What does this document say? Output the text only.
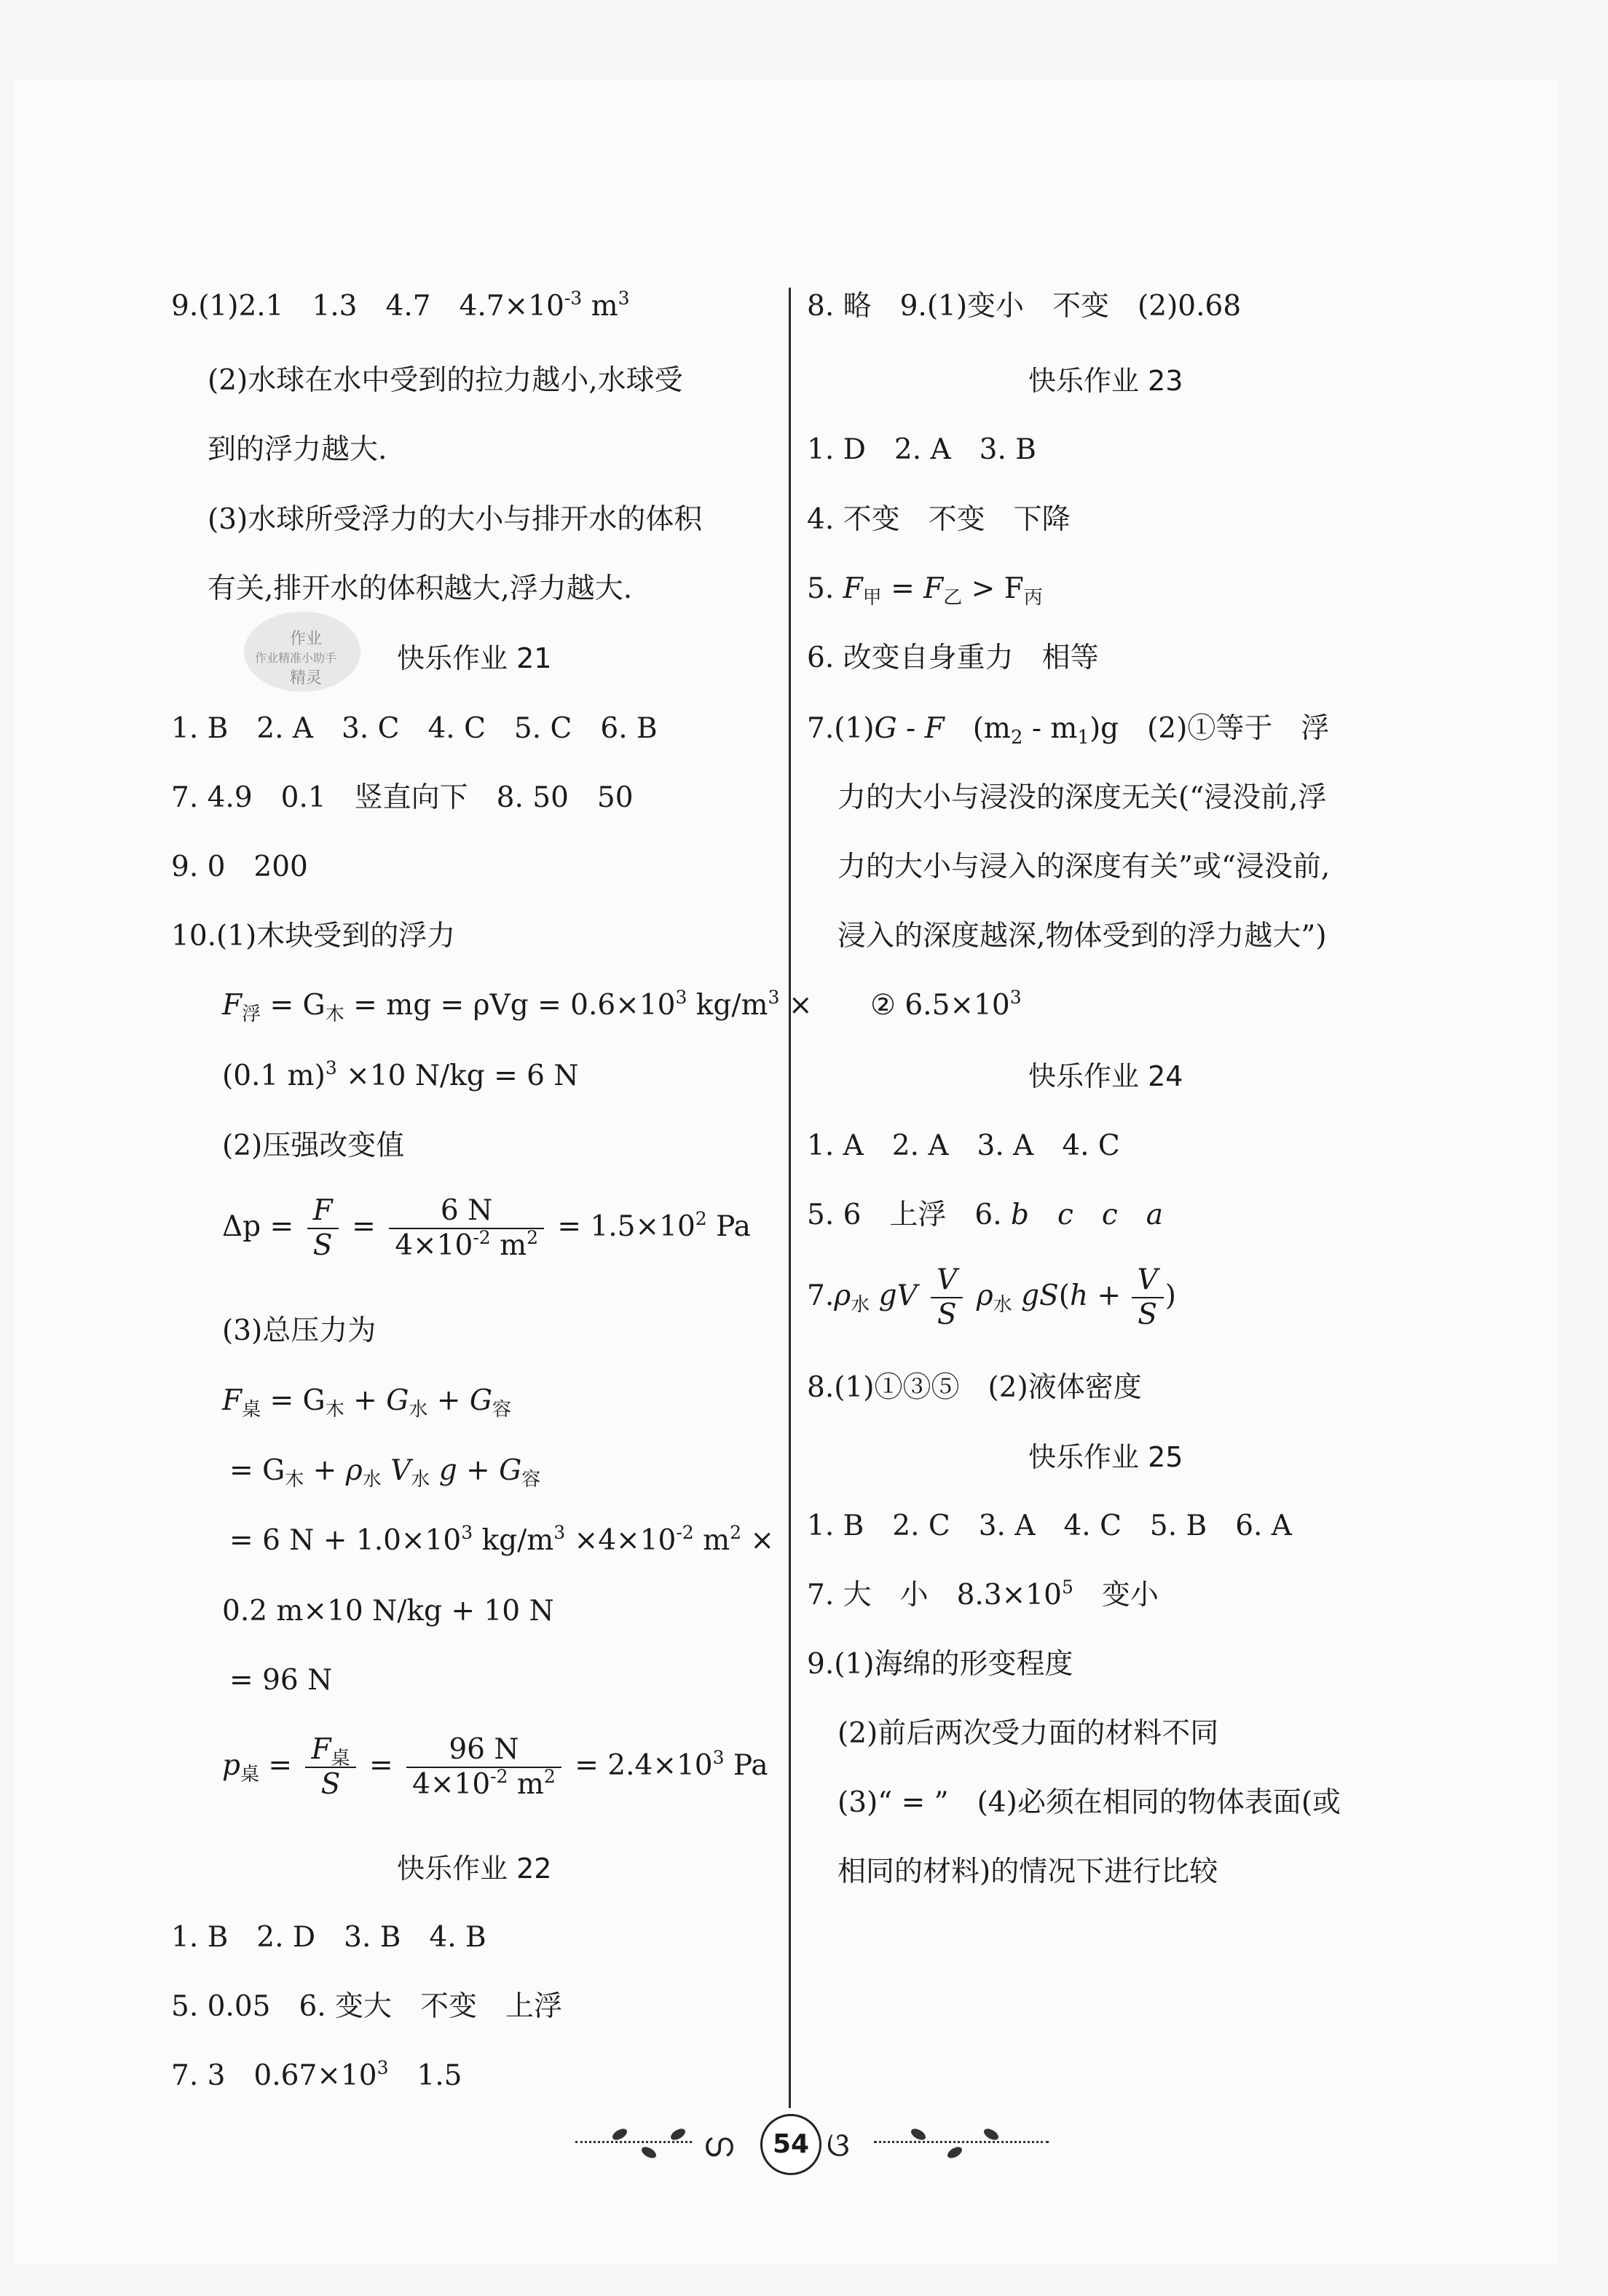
作业
作业精准小助手
精灵
9.(1)2.1　1.3　4.7　$4.7\times 10^{-3}$ $m^3$
(2)水球在水中受到的拉力越小,水球受
到的浮力越大.
(3)水球所受浮力的大小与排开水的体积
有关,排开水的体积越大,浮力越大.
快乐作业 21
1. B　2. A　3. C　4. C　5. C　6. B
7. 4.9　0.1　竖直向下　8. 50　50
9. 0　200
10.(1)木块受到的浮力
$F_浮 = G_木$ = mg = $\rho Vg = 0.6\times 10^3$ $kg/m^3$ ×
(0.1 m)$^3$ ×10 N/kg = 6 N
(2)压强改变值
$\Delta p = \frac{F}{S} = \frac{6 N}{4\times 10^{-2} m^2} = 1.5\times 10^2$ Pa
(3)总压力为
$F_桌 = G_木 + G_水 + G_容$
= $G_木 + \rho_水$ $V_水$ $g + G_容$
= 6 $N + 1.0\times 10^3$ $kg/m^3 \times 4\times 10^{-2}$ $m^2$ ×
0.2 m×10 N/kg + 10 N
= 96 N
$p_桌 = \frac{F_桌}{S} = \frac{96 N}{4\times 10^{-2} m^2} = 2.4\times 10^3$ Pa
快乐作业 22
1. B　2. D　3. B　4. B
5. 0.05　6. 变大　不变　上浮
7. 3　$0.67\times 10^3$　1.5
8. 略　9.(1)变小　不变　(2)0.68
快乐作业 23
1. D　2. A　3. B
4. 不变　不变　下降
5. $F_甲 = F_乙 > F_丙$
6. 改变自身重力　相等
7.(1)G - F　 $(m_2 - m_1)g$　(2)①等于　浮
力的大小与浸没的深度无关(“浸没前,浮
力的大小与浸入的深度有关”或“浸没前,
浸入的深度越深,物体受到的浮力越大”)
② $6.5\times 10^3$
快乐作业 24
1. A　2. A　3. A　4. C
5. 6　上浮　6. b　 c　 c　 a
$7.\rho_水$ gV $\frac{V}{S} \rho_水$ $gS(h + \frac{V}{S}$ )
8.(1)①③⑤　(2)液体密度
快乐作业 25
1. B　2. C　3. A　4. C　5. B　6. A
7. 大　小　$8.3\times 10^5$　变小
9.(1)海绵的形变程度
(2)前后两次受力面的材料不同
(3)“ = ”　(4)必须在相同的物体表面(或
相同的材料)的情况下进行比较
ഗ	54 ଓ
